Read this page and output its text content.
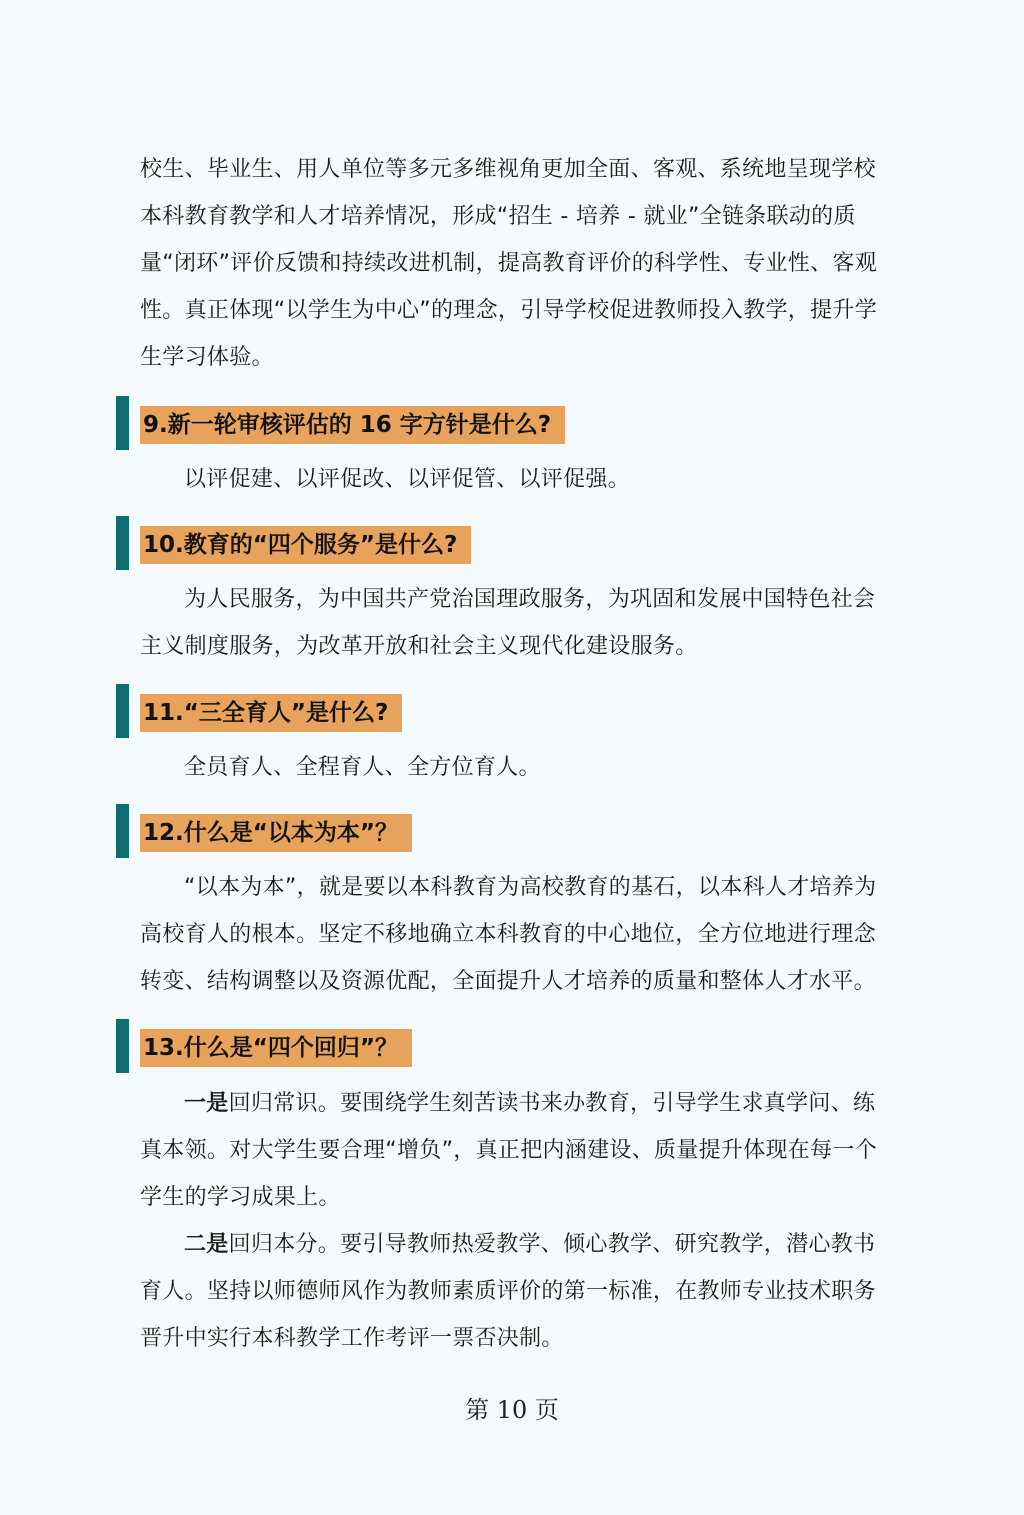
校生、毕业生、用人单位等多元多维视角更加全面、客观、系统地呈现学校本科教育教学和人才培养情况，形成“招生 - 培养 - 就业”全链条联动的质量“闭环”评价反馈和持续改进机制，提高教育评价的科学性、专业性、客观性。真正体现“以学生为中心”的理念，引导学校促进教师投入教学，提升学生学习体验。

9.新一轮审核评估的 16 字方针是什么?

以评促建、以评促改、以评促管、以评促强。

10.教育的“四个服务”是什么?

为人民服务，为中国共产党治国理政服务，为巩固和发展中国特色社会主义制度服务，为改革开放和社会主义现代化建设服务。

11.“三全育人”是什么?

全员育人、全程育人、全方位育人。

12.什么是“以本为本”？

“以本为本”，就是要以本科教育为高校教育的基石，以本科人才培养为高校育人的根本。坚定不移地确立本科教育的中心地位，全方位地进行理念转变、结构调整以及资源优配，全面提升人才培养的质量和整体人才水平。

13.什么是“四个回归”？

一是回归常识。要围绕学生刻苦读书来办教育，引导学生求真学问、练真本领。对大学生要合理“增负”，真正把内涵建设、质量提升体现在每一个学生的学习成果上。

二是回归本分。要引导教师热爱教学、倾心教学、研究教学，潜心教书育人。坚持以师德师风作为教师素质评价的第一标准，在教师专业技术职务晋升中实行本科教学工作考评一票否决制。

第 10 页
